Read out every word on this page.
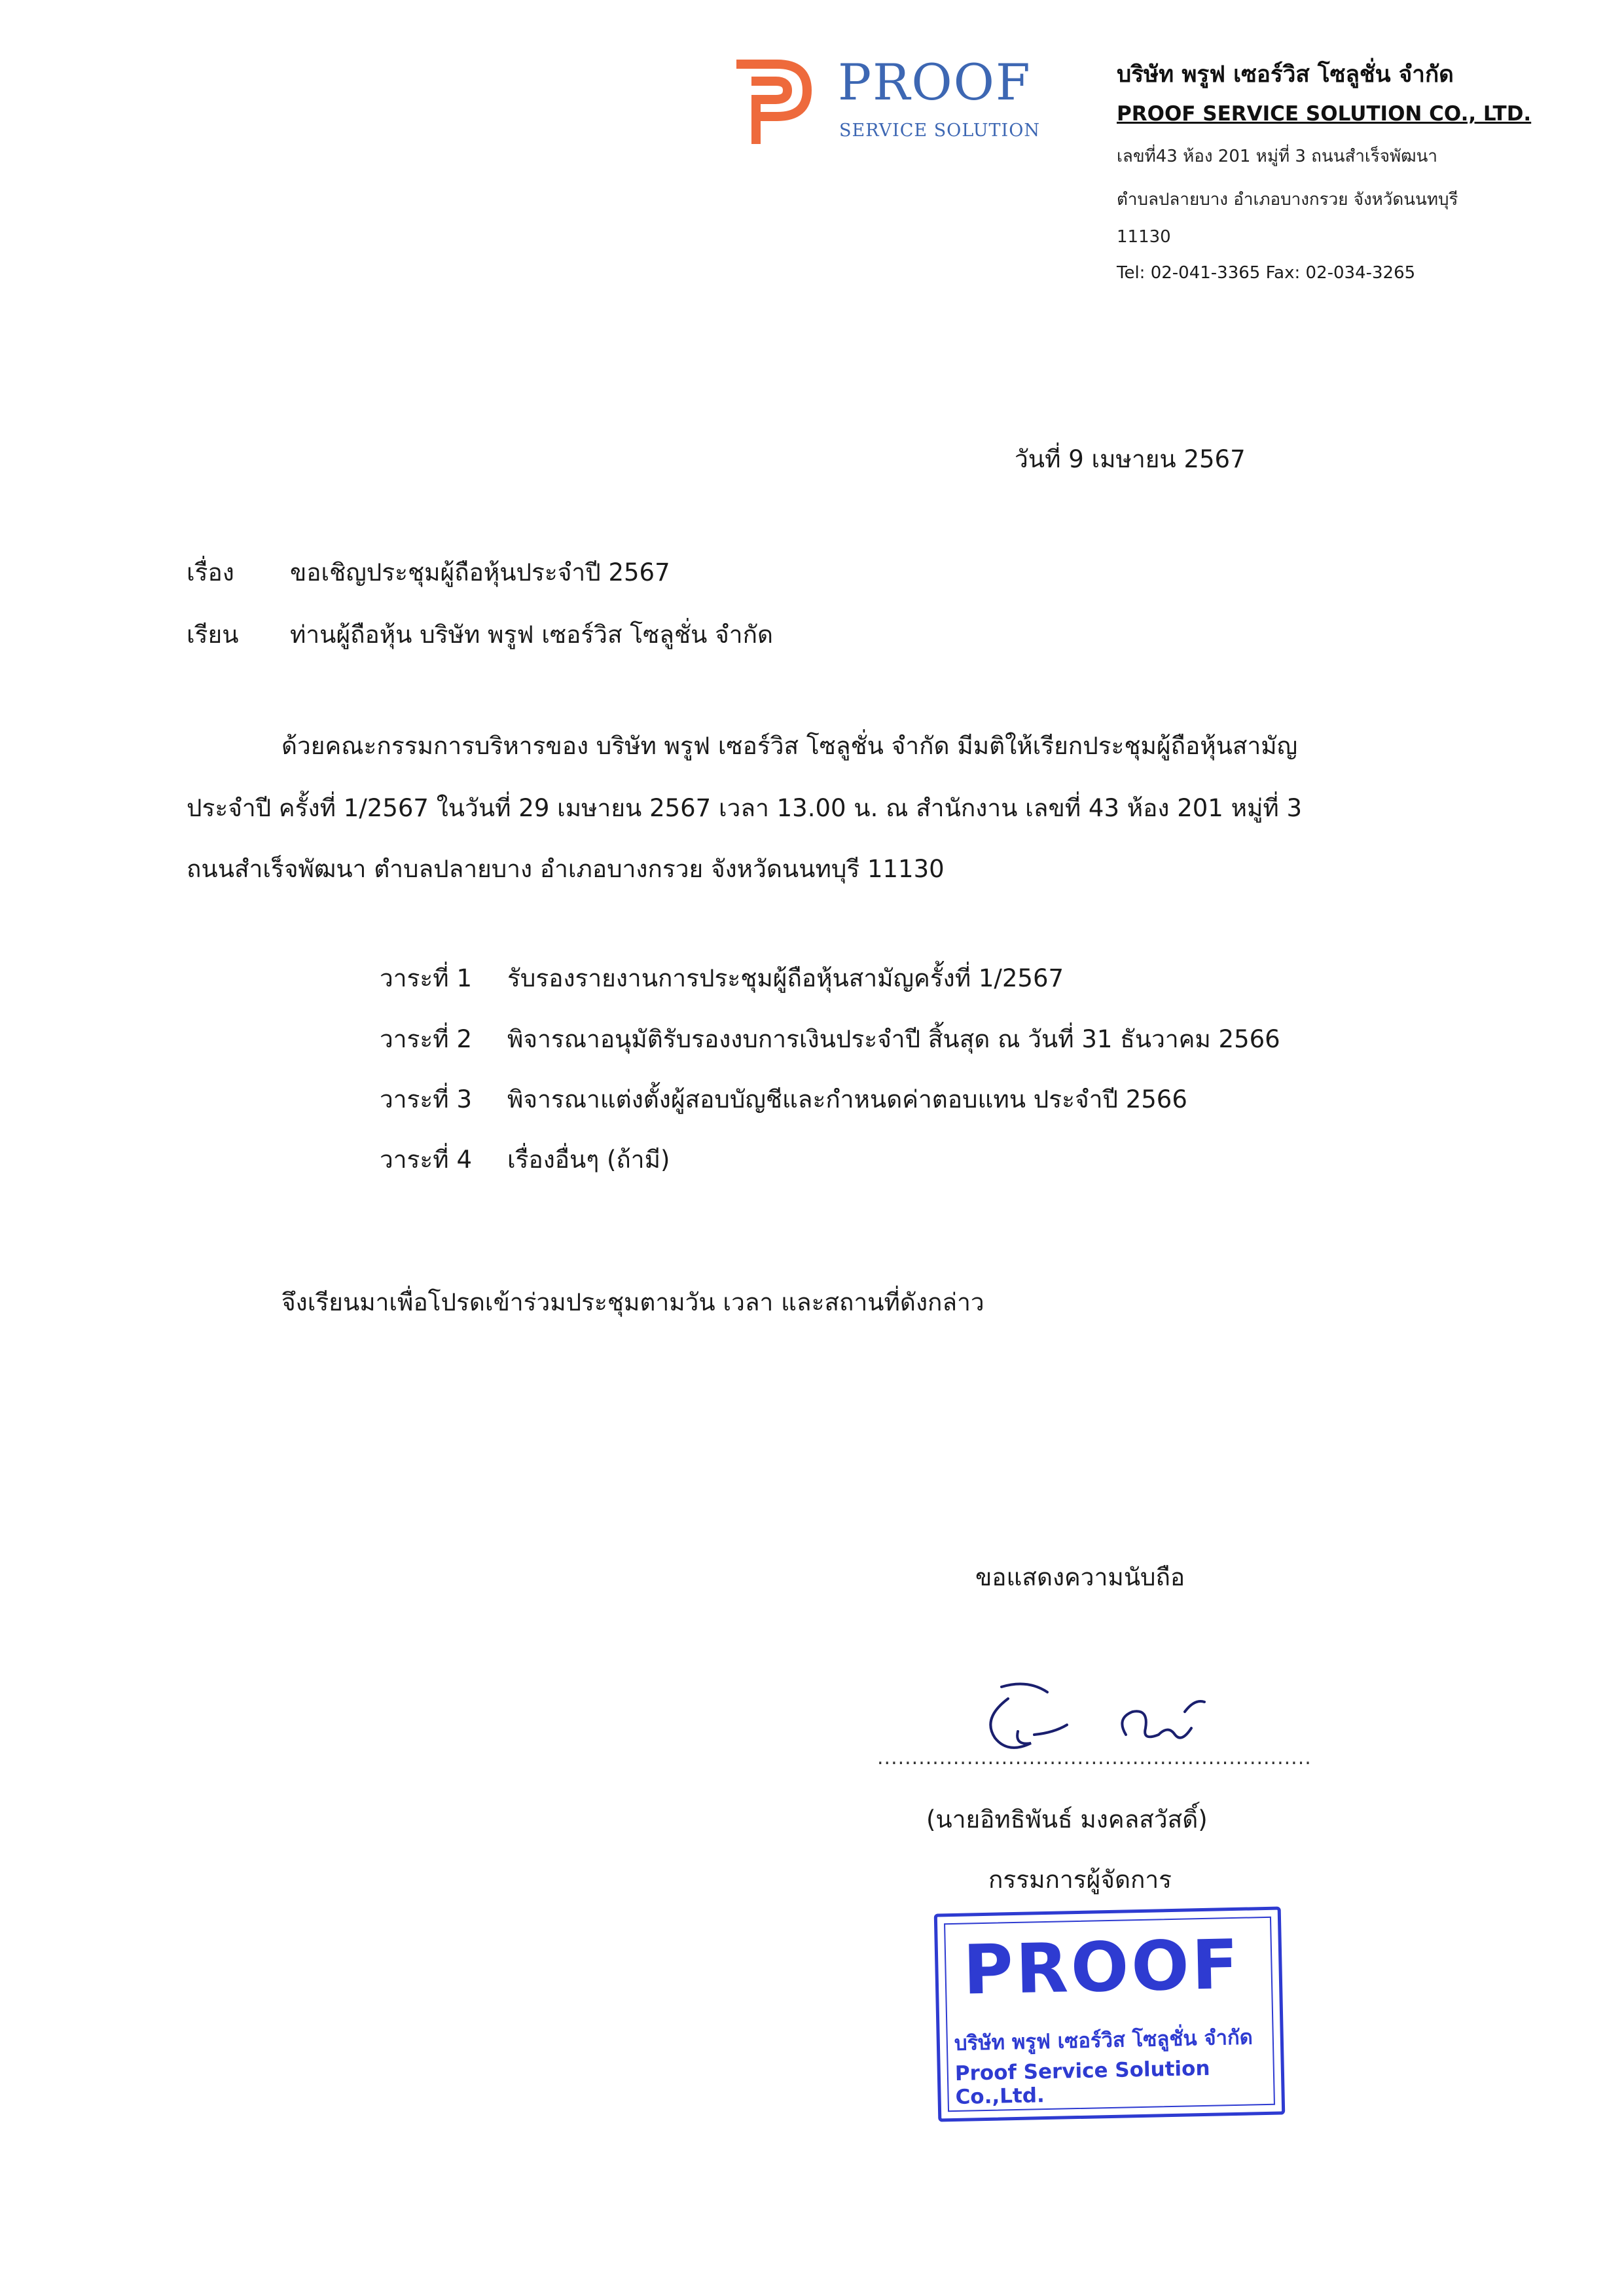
PROOF
SERVICE SOLUTION
บริษัท พรูฟ เซอร์วิส โซลูชั่น จำกัด
PROOF SERVICE SOLUTION CO., LTD.
เลขที่43 ห้อง 201 หมู่ที่ 3 ถนนสำเร็จพัฒนา
ตำบลปลายบาง อำเภอบางกรวย จังหวัดนนทบุรี
11130
Tel: 02-041-3365 Fax: 02-034-3265
วันที่ 9 เมษายน 2567
เรื่อง ขอเชิญประชุมผู้ถือหุ้นประจำปี 2567
เรียน ท่านผู้ถือหุ้น บริษัท พรูฟ เซอร์วิส โซลูชั่น จำกัด
ด้วยคณะกรรมการบริหารของ บริษัท พรูฟ เซอร์วิส โซลูชั่น จำกัด มีมติให้เรียกประชุมผู้ถือหุ้นสามัญ
ประจำปี ครั้งที่ 1/2567 ในวันที่ 29 เมษายน 2567 เวลา 13.00 น. ณ สำนักงาน เลขที่ 43 ห้อง 201 หมู่ที่ 3
ถนนสำเร็จพัฒนา ตำบลปลายบาง อำเภอบางกรวย จังหวัดนนทบุรี 11130
วาระที่ 1 รับรองรายงานการประชุมผู้ถือหุ้นสามัญครั้งที่ 1/2567
วาระที่ 2 พิจารณาอนุมัติรับรองงบการเงินประจำปี สิ้นสุด ณ วันที่ 31 ธันวาคม 2566
วาระที่ 3 พิจารณาแต่งตั้งผู้สอบบัญชีและกำหนดค่าตอบแทน ประจำปี 2566
วาระที่ 4 เรื่องอื่นๆ (ถ้ามี)
จึงเรียนมาเพื่อโปรดเข้าร่วมประชุมตามวัน เวลา และสถานที่ดังกล่าว
ขอแสดงความนับถือ
...............................................................
(นายอิทธิพันธ์ มงคลสวัสดิ์)
กรรมการผู้จัดการ
PROOF
บริษัท พรูฟ เซอร์วิส โซลูชั่น จำกัด
Proof Service Solution Co.,Ltd.
